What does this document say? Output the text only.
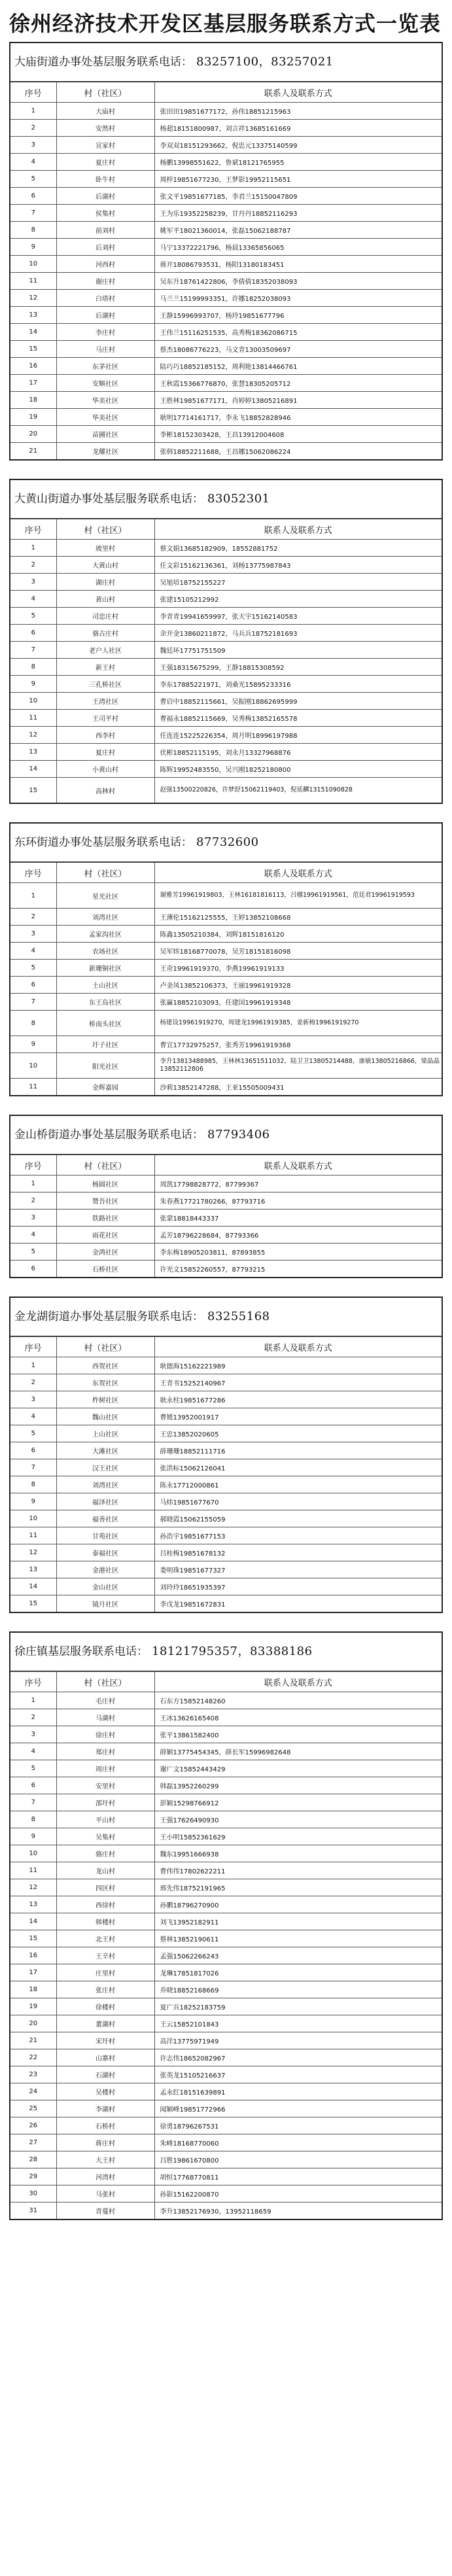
徐州经济技术开发区基层服务联系方式一览表
大庙街道办事处基层服务联系电话： 83257100，83257021
序号	村（社区）	联系人及联系方式
1	大庙村	张田田19851677172，孙伟18851215963
2	安然村	杨超18151800987，刘言祥13685161669
3	宣家村	李双双18151293662，倪忠元13375140599
4	夏庄村	杨鹏13998551622，鲁斌18121765955
5	卧牛村	周梓19851677230，王梦影19952115651
6	后湖村	张文平19851677185，李君兰15150047809
7	侯集村	王为乐19352258239，甘丹丹18852116293
8	前刘村	姚军平18021360014，张磊15062188787
9	后刘村	马宁13372221796，杨晨13365856065
10	河西村	蒋开18086793531，杨阳13180183451
11	谢庄村	吴东升18761422806，李倩倩18352038093
12	白塔村	马兰兰15199993351，许娜18252038093
13	后湖村	王静15996993707，杨玲19851677796
14	李庄村	王伟兰15116251535，高秀梅18362086715
15	马庄村	蔡杰18086776223，马文青13003509697
16	东茅社区	陆巧巧18852185152，周利艳13814466761
17	安顺社区	王秋霞15366776870，张慧18305205712
18	华美社区	王胜林19851677171，肖婷婷13805216891
19	华美社区	耿明17714161717，李永飞18852828946
20	苗圃社区	李彬18152303428，王昌13912004608
21	龙耀社区	张韩18852211688，王昌娜15062086224
大黄山街道办事处基层服务联系电话： 83052301
序号	村（社区）	联系人及联系方式
1	坡里村	蔡文娟13685182909，18552881752
2	大黄山村	任文彩15162136361，刘杨13775987843
3	湖庄村	吴旭培18752155227
4	黄山村	张建15105212992
5	司忠庄村	李青青19941659997，张天宇15162140583
6	骆古庄村	余开金13860211872，马兵兵18752181693
7	老户人社区	魏廷环17751751509
8	新王村	王强18315675299，王静18815308592
9	三孔桥社区	李东17885221971，刘桑光15895233316
10	王湾社区	曹启中18852115661，吴振刚18862695999
11	王司平村	曹福永18852115669，吴秀梅13852165578
12	西李村	任连连15225226354，周月明18996197988
13	夏庄村	伏彬18852115195，刘永月13327968876
14	小黄山村	陈辉19952483550，吴兴刚18252180800
15	高林村	赵强13500220826，许梦舒15062119403，倪延麟13151090828
东环街道办事处基层服务联系电话： 87732600
序号	村（社区）	联系人及联系方式
1	星光社区	谢雅芳19961919803，王林16181816113，吕娜19961919561，范廷君19961919593
2	刘湾社区	王薄伦15162125555，王婷13852108668
3	孟家沟社区	陈鑫13505210384，刘辉18151816120
4	农场社区	吴军炜18168770078，吴芳18151816098
5	新珊铜社区	王奇19961919370，李燕19961919133
6	土山社区	卢金凤13852106373，王丽19961919328
7	东王岛社区	张赢18852103093，任建国19961919348
8	桥南头社区	杨建设19961919270，周建龙19961919385，姜新梅19961919270
9	圩子社区	曹宜17732975257，张秀芳19961919368
10	阳光社区	李升13813488985，王林林13651511032，陆卫卫13805214488，康敏13805216866，梁晶晶13852112806
11	金辉嘉园	沙莉13852147288，王亚15505009431
金山桥街道办事处基层服务联系电话： 87793406
序号	村（社区）	联系人及联系方式
1	杨圆社区	周凯17798828772，87799367
2	赞吾社区	朱春燕17721780266，87793716
3	铁路社区	张蒙18818443337
4	雨花社区	孟芳18796228684，87793366
5	金鸿社区	李东梅18905203811，87893855
6	石桥社区	许光文15852260557，87793215
金龙湖街道办事处基层服务联系电话： 83255168
序号	村（社区）	联系人及联系方式
1	西贺社区	耿德海15162221989
2	东贺社区	王青书15252140967
3	柞树社区	耿永柱19851677286
4	魏山社区	曹媛13952001917
5	上山社区	王忠13852020605
6	大滩社区	薛珊珊18852111716
7	汉王社区	张洪标15062126041
8	刘湾社区	陈永17712000861
9	福泽社区	马炜19851677670
10	福善社区	郝晓霞15062155059
11	甘苑社区	孙浩宇19851677153
12	泰福社区	吕桂梅19851678132
13	金港社区	娄明珠19851677327
14	金山社区	刘玲玲18651935397
15	镜月社区	李戊龙19851672831
徐庄镇基层服务联系电话： 18121795357，83388186
序号	村（社区）	联系人及联系方式
1	毛庄村	石东方15852148260
2	马湖村	王冰13626165408
3	徐庄村	张平13861582400
4	郑庄村	薛颖13775454345，薛长军15996982648
5	周庄村	谢广文15852443429
6	安里村	韩磊13952260299
7	邵圩村	彭颖15298766912
8	平山村	王强17626490930
9	吴集村	王小明15852361629
10	骆庄村	魏东19951666938
11	龙山村	曹伟伟17802622211
12	四区村	邢先伟18752191965
13	西徐村	孙鹏18796270900
14	韩楼村	刘飞13952182911
15	北王村	蔡林13852190611
16	王辛村	孟强15062266243
17	庄里村	龙琳17851817026
18	张庄村	乔晓18852168669
19	徐楼村	夏广兵18252183759
20	董湖村	王云15852101843
21	宋圩村	高洋13775971949
22	山寨村	许志伟18652082967
23	石湖村	张英龙15105216637
24	吴楼村	孟永红18151639891
25	李湖村	闻颖峰19851772966
26	石桥村	徐勇18796267531
27	蒋庄村	朱峰18168770060
28	大王村	吕胜19861670800
29	河湾村	胡恒17768770811
30	马张村	孙影15162200870
31	青蔓村	李升13852176930，13952118659
